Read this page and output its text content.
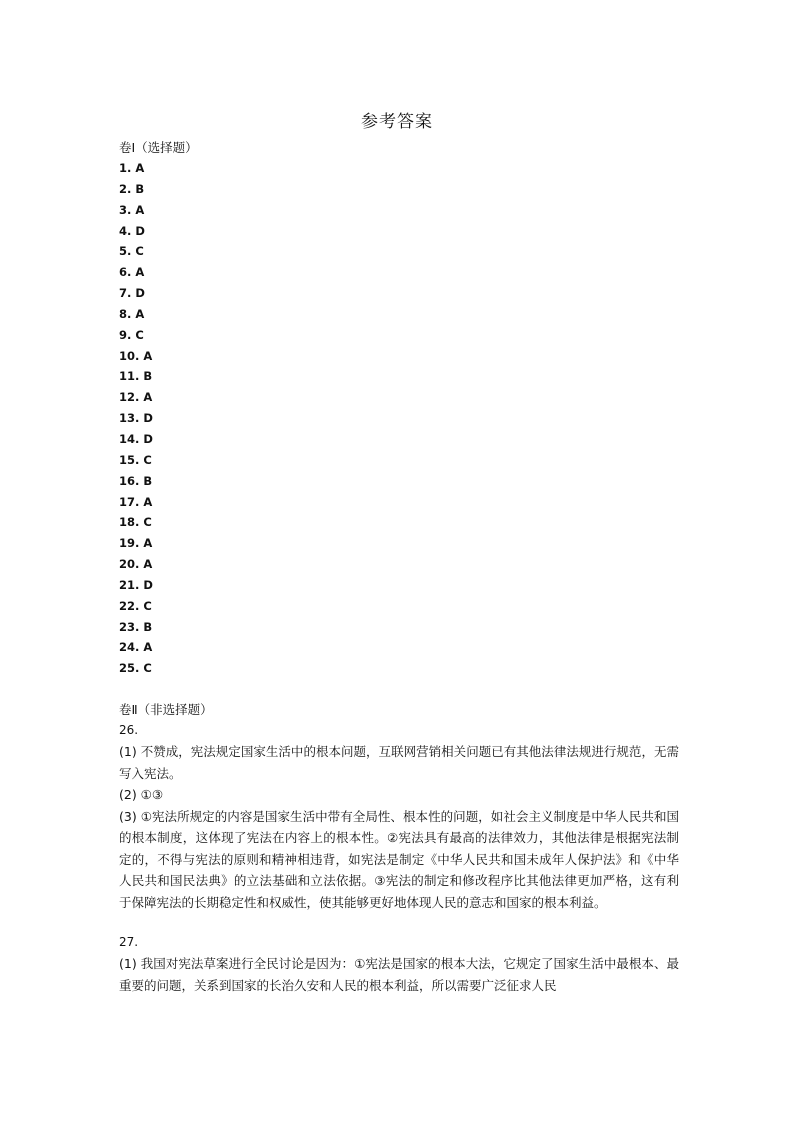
参考答案
卷Ⅰ（选择题）
1. A
2. B
3. A
4. D
5. C
6. A
7. D
8. A
9. C
10. A
11. B
12. A
13. D
14. D
15. C
16. B
17. A
18. C
19. A
20. A
21. D
22. C
23. B
24. A
25. C
卷Ⅱ（非选择题）
26.

(1) 不赞成，宪法规定国家生活中的根本问题，互联网营销相关问题已有其他法律法规进行规范，无需写入宪法。

(2) ①③

(3) ①宪法所规定的内容是国家生活中带有全局性、根本性的问题，如社会主义制度是中华人民共和国的根本制度，这体现了宪法在内容上的根本性。②宪法具有最高的法律效力，其他法律是根据宪法制定的，不得与宪法的原则和精神相违背，如宪法是制定《中华人民共和国未成年人保护法》和《中华人民共和国民法典》的立法基础和立法依据。③宪法的制定和修改程序比其他法律更加严格，这有利于保障宪法的长期稳定性和权威性，使其能够更好地体现人民的意志和国家的根本利益。

27.

(1) 我国对宪法草案进行全民讨论是因为：①宪法是国家的根本大法，它规定了国家生活中最根本、最重要的问题，关系到国家的长治久安和人民的根本利益，所以需要广泛征求人民
